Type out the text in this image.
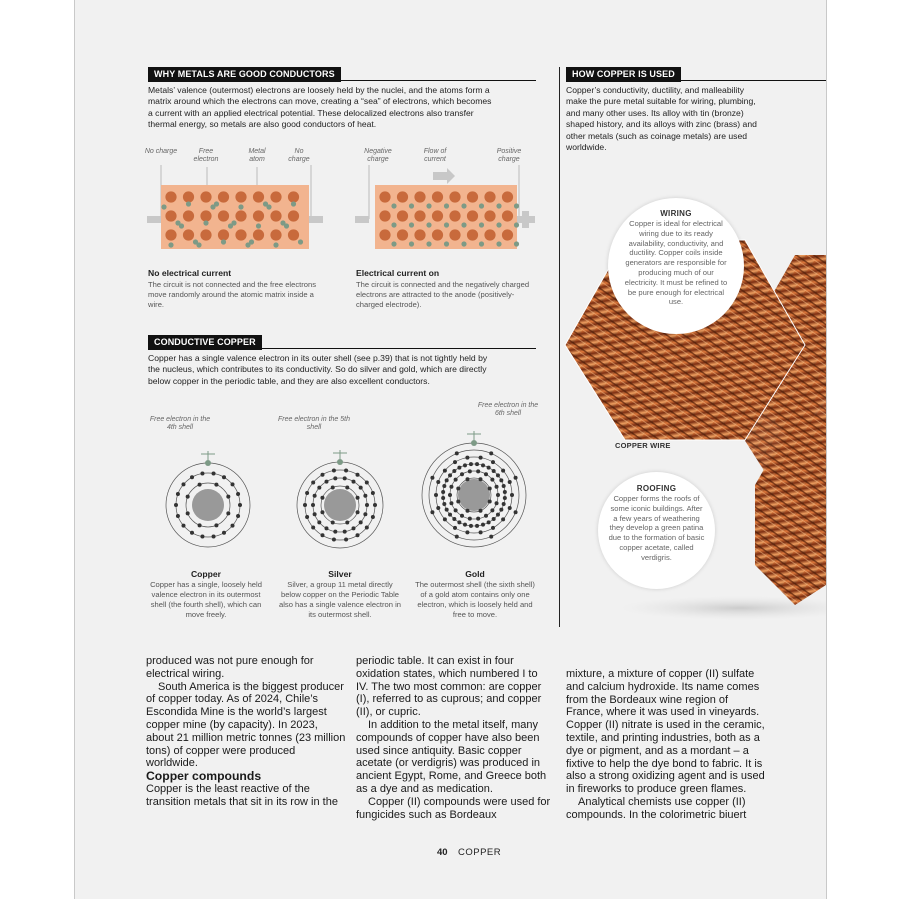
WHY METALS ARE GOOD CONDUCTORS
Metals’ valence (outermost) electrons are loosely held by the nuclei, and the atoms form a matrix around which the electrons can move, creating a “sea” of electrons, which becomes a current with an applied electrical potential. These delocalized electrons also transfer thermal energy, so metals are also good conductors of heat.
No charge	Free electron
Metal atom
No charge
No electrical current
The circuit is not connected and the free electrons move randomly around the atomic matrix inside a wire.
Negative charge
Flow of current
Positive charge
Electrical current on
The circuit is connected and the negatively charged electrons are attracted to the anode (positively-charged electrode).
CONDUCTIVE COPPER
Copper has a single valence electron in its outer shell (see p.39) that is not tightly held by the nucleus, which contributes to its conductivity. So do silver and gold, which are directly below copper in the periodic table, and they are also excellent conductors.
Free electron in the 4th shell
Free electron in the 5th shell
Free electron in the 6th shell
Copper
Copper has a single, loosely held valence electron in its outermost shell (the fourth shell), which can move freely.
Silver
Silver, a group 11 metal directly below copper on the Periodic Table also has a single valence electron in its outermost shell.
Gold
The outermost shell (the sixth shell) of a gold atom contains only one electron, which is loosely held and free to move.
HOW COPPER IS USED
Copper’s conductivity, ductility, and malleability make the pure metal suitable for wiring, plumbing, and many other uses. Its alloy with tin (bronze) shaped history, and its alloys with zinc (brass) and other metals (such as coinage metals) are used worldwide.
WIRING
Copper is ideal for electrical wiring due to its ready availability, conductivity, and ductility. Copper coils inside generators are responsible for producing much of our electricity. It must be refined to be pure enough for electrical use.
COPPER WIRE
ROOFING
Copper forms the roofs of some iconic buildings. After a few years of weathering they develop a green patina due to the formation of basic copper acetate, called verdigris.

produced was not pure enough for electrical wiring.

South America is the biggest producer of copper today. As of 2024, Chile’s Escondida Mine is the world’s largest copper mine (by capacity). In 2023, about 21 million metric tonnes (23 million tons) of copper were produced worldwide.

Copper compounds

Copper is the least reactive of the transition metals that sit in its row in the

periodic table. It can exist in four oxidation states, which numbered I to IV. The two most common: are copper (I), referred to as cuprous; and copper (II), or cupric.

In addition to the metal itself, many compounds of copper have also been used since antiquity. Basic copper acetate (or verdigris) was produced in ancient Egypt, Rome, and Greece both as a dye and as medication.

Copper (II) compounds were used for fungicides such as Bordeaux

mixture, a mixture of copper (II) sulfate and calcium hydroxide. Its name comes from the Bordeaux wine region of France, where it was used in vineyards. Copper (II) nitrate is used in the ceramic, textile, and printing industries, both as a dye or pigment, and as a mordant – a fixtive to help the dye bond to fabric. It is also a strong oxidizing agent and is used in fireworks to produce green flames.

Analytical chemists use copper (II) compounds. In the colorimetric biuert

40 COPPER
